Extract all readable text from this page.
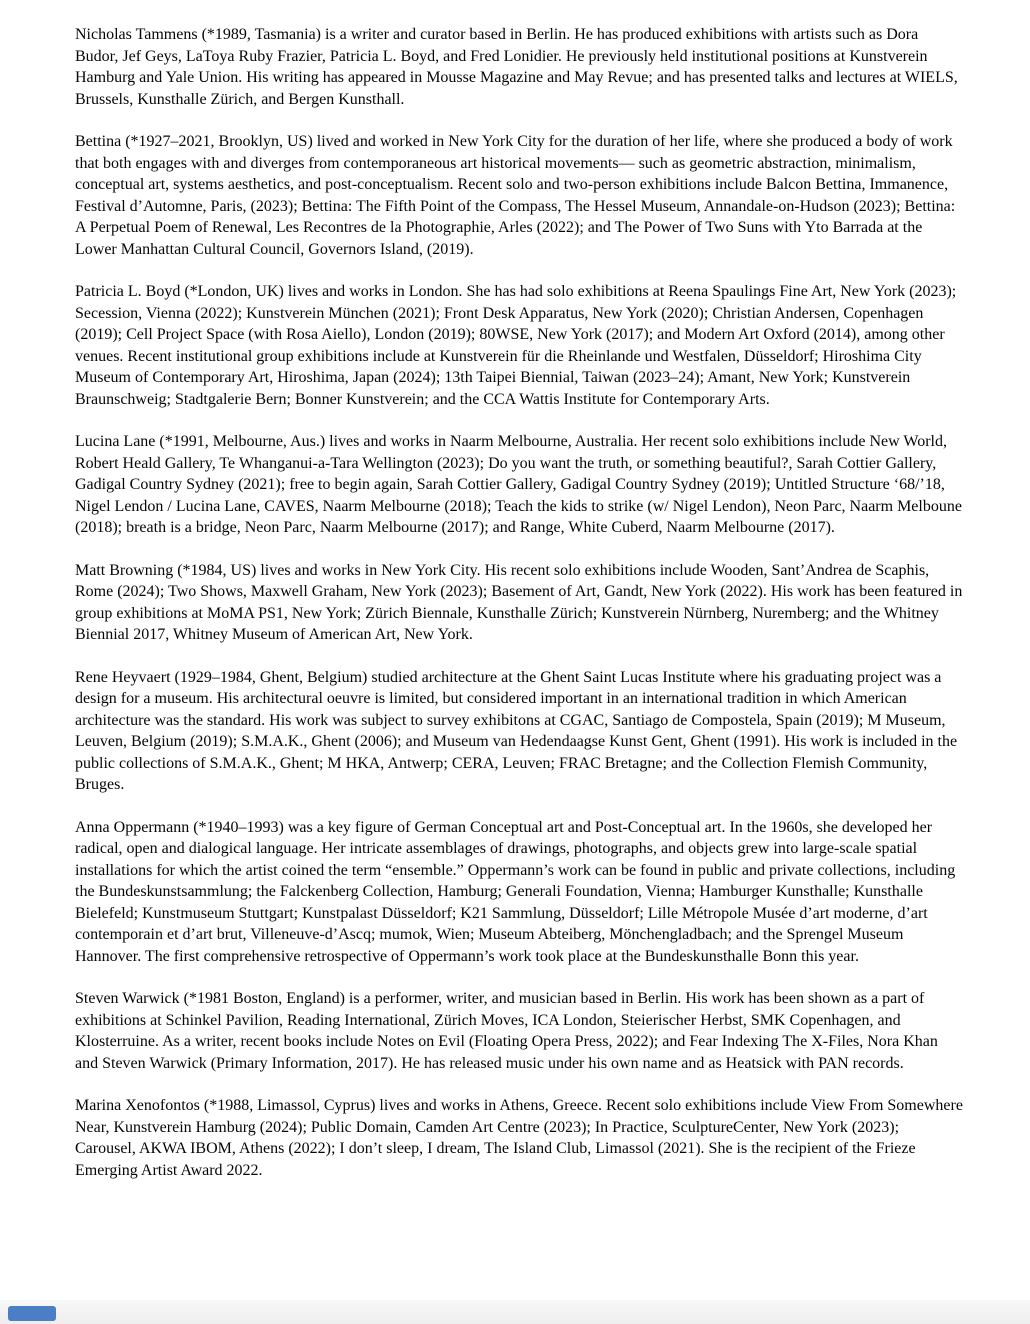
Nicholas Tammens (*1989, Tasmania) is a writer and curator based in Berlin. He has produced exhibitions with artists such as Dora Budor, Jef Geys, LaToya Ruby Frazier, Patricia L. Boyd, and Fred Lonidier. He previously held institutional positions at Kunstverein Hamburg and Yale Union. His writing has appeared in Mousse Magazine and May Revue; and has presented talks and lectures at WIELS, Brussels, Kunsthalle Zürich, and Bergen Kunsthall.

Bettina (*1927–2021, Brooklyn, US) lived and worked in New York City for the duration of her life, where she produced a body of work that both engages with and diverges from contemporaneous art historical movements— such as geometric abstraction, minimalism, conceptual art, systems aesthetics, and post-conceptualism. Recent solo and two-person exhibitions include Balcon Bettina, Immanence, Festival d’Automne, Paris, (2023); Bettina: The Fifth Point of the Compass, The Hessel Museum, Annandale-on-Hudson (2023); Bettina: A Perpetual Poem of Renewal, Les Recontres de la Photographie, Arles (2022); and The Power of Two Suns with Yto Barrada at the Lower Manhattan Cultural Council, Governors Island, (2019).

Patricia L. Boyd (*London, UK) lives and works in London. She has had solo exhibitions at Reena Spaulings Fine Art, New York (2023); Secession, Vienna (2022); Kunstverein München (2021); Front Desk Apparatus, New York (2020); Christian Andersen, Copenhagen (2019); Cell Project Space (with Rosa Aiello), London (2019); 80WSE, New York (2017); and Modern Art Oxford (2014), among other venues. Recent institutional group exhibitions include at Kunstverein für die Rheinlande und Westfalen, Düsseldorf; Hiroshima City Museum of Contemporary Art, Hiroshima, Japan (2024); 13th Taipei Biennial, Taiwan (2023–24); Amant, New York; Kunstverein Braunschweig; Stadtgalerie Bern; Bonner Kunstverein; and the CCA Wattis Institute for Contemporary Arts.

Lucina Lane (*1991, Melbourne, Aus.) lives and works in Naarm Melbourne, Australia. Her recent solo exhibitions include New World, Robert Heald Gallery, Te Whanganui-a-Tara Wellington (2023); Do you want the truth, or something beautiful?, Sarah Cottier Gallery, Gadigal Country Sydney (2021); free to begin again, Sarah Cottier Gallery, Gadigal Country Sydney (2019); Untitled Structure ‘68/’18, Nigel Lendon / Lucina Lane, CAVES, Naarm Melbourne (2018); Teach the kids to strike (w/ Nigel Lendon), Neon Parc, Naarm Melboune (2018); breath is a bridge, Neon Parc, Naarm Melbourne (2017); and Range, White Cuberd, Naarm Melbourne (2017).

Matt Browning (*1984, US) lives and works in New York City. His recent solo exhibitions include Wooden, Sant’Andrea de Scaphis, Rome (2024); Two Shows, Maxwell Graham, New York (2023); Basement of Art, Gandt, New York (2022). His work has been featured in group exhibitions at MoMA PS1, New York; Zürich Biennale, Kunsthalle Zürich; Kunstverein Nürnberg, Nuremberg; and the Whitney Biennial 2017, Whitney Museum of American Art, New York.

Rene Heyvaert (1929–1984, Ghent, Belgium) studied architecture at the Ghent Saint Lucas Institute where his graduating project was a design for a museum. His architectural oeuvre is limited, but considered important in an international tradition in which American architecture was the standard. His work was subject to survey exhibitons at CGAC, Santiago de Compostela, Spain (2019); M Museum, Leuven, Belgium (2019); S.M.A.K., Ghent (2006); and Museum van Hedendaagse Kunst Gent, Ghent (1991). His work is included in the public collections of S.M.A.K., Ghent; M HKA, Antwerp; CERA, Leuven; FRAC Bretagne; and the Collection Flemish Community, Bruges.

Anna Oppermann (*1940–1993) was a key figure of German Conceptual art and Post-Conceptual art. In the 1960s, she developed her radical, open and dialogical language. Her intricate assemblages of drawings, photographs, and objects grew into large-scale spatial installations for which the artist coined the term “ensemble.” Oppermann’s work can be found in public and private collections, including the Bundeskunstsammlung; the Falckenberg Collection, Hamburg; Generali Foundation, Vienna; Hamburger Kunsthalle; Kunsthalle Bielefeld; Kunstmuseum Stuttgart; Kunstpalast Düsseldorf; K21 Sammlung, Düsseldorf; Lille Métropole Musée d’art moderne, d’art contemporain et d’art brut, Villeneuve-d’Ascq; mumok, Wien; Museum Abteiberg, Mönchengladbach; and the Sprengel Museum Hannover. The first comprehensive retrospective of Oppermann’s work took place at the Bundeskunsthalle Bonn this year.

Steven Warwick (*1981 Boston, England) is a performer, writer, and musician based in Berlin. His work has been shown as a part of exhibitions at Schinkel Pavilion, Reading International, Zürich Moves, ICA London, Steierischer Herbst, SMK Copenhagen, and Klosterruine. As a writer, recent books include Notes on Evil (Floating Opera Press, 2022); and Fear Indexing The X-Files, Nora Khan and Steven Warwick (Primary Information, 2017). He has released music under his own name and as Heatsick with PAN records.

Marina Xenofontos (*1988, Limassol, Cyprus) lives and works in Athens, Greece. Recent solo exhibitions include View From Somewhere Near, Kunstverein Hamburg (2024); Public Domain, Camden Art Centre (2023); In Practice, SculptureCenter, New York (2023); Carousel, AKWA IBOM, Athens (2022); I don’t sleep, I dream, The Island Club, Limassol (2021). She is the recipient of the Frieze Emerging Artist Award 2022.
